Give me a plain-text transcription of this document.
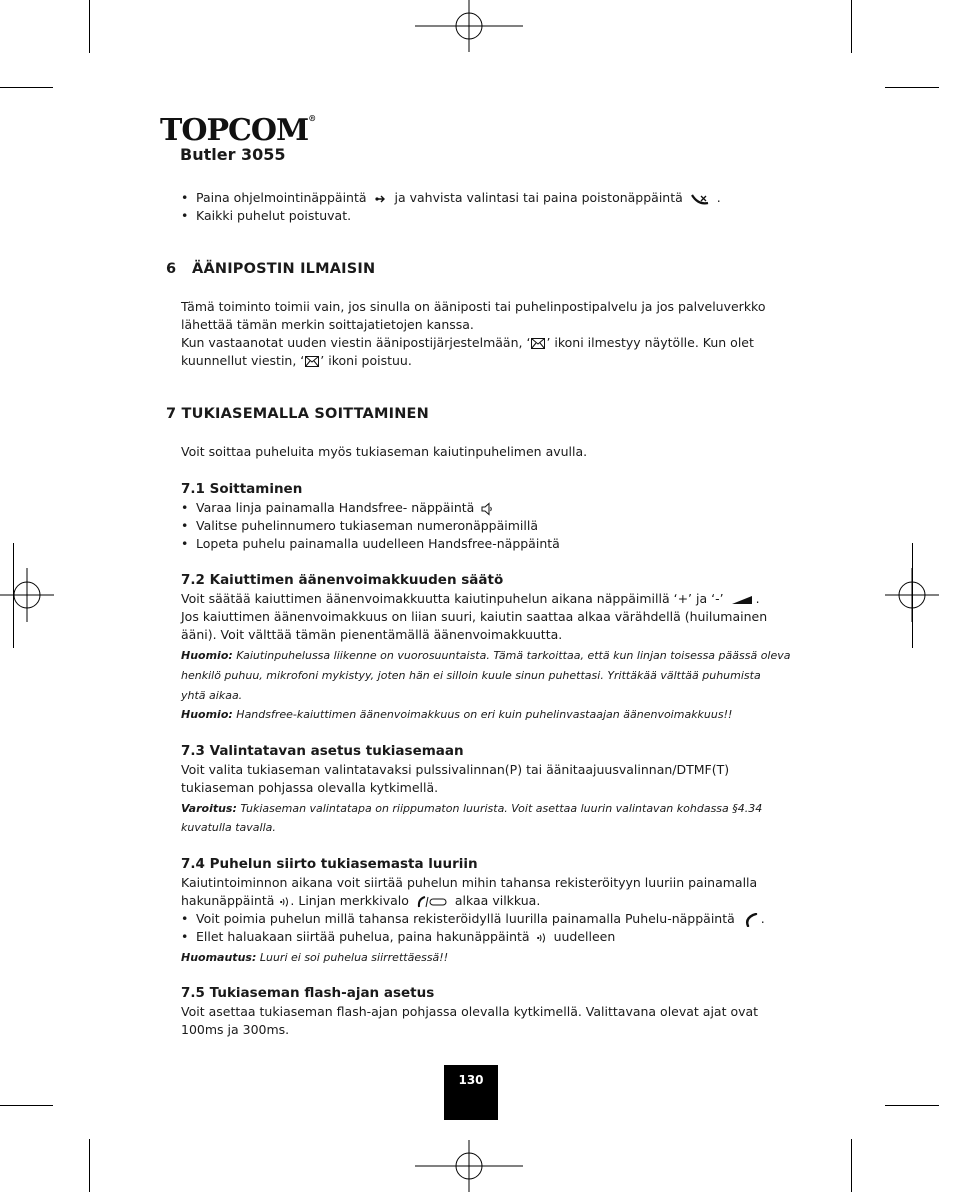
TOPCOM®
Butler 3055
• Paina ohjelmointinäppäintä ja vahvista valintasi tai paina poistonäppäintä	.
• Kaikki puhelut poistuvat.
6   ÄÄNIPOSTIN ILMAISIN
Tämä toiminto toimii vain, jos sinulla on ääniposti tai puhelinpostipalvelu ja jos palveluverkko
lähettää tämän merkin soittajatietojen kanssa.
Kun vastaanotat uuden viestin äänipostijärjestelmään, ‘ ’ ikoni ilmestyy näytölle. Kun olet
kuunnellut viestin, ‘ ’ ikoni poistuu.
7 TUKIASEMALLA SOITTAMINEN
Voit soittaa puheluita myös tukiaseman kaiutinpuhelimen avulla.
7.1 Soittaminen
• Varaa linja painamalla Handsfree- näppäintä
• Valitse puhelinnumero tukiaseman numeronäppäimillä
• Lopeta puhelu painamalla uudelleen Handsfree-näppäintä
7.2 Kaiuttimen äänenvoimakkuuden säätö
Voit säätää kaiuttimen äänenvoimakkuutta kaiutinpuhelun aikana näppäimillä ‘+’ ja ‘-’	.
Jos kaiuttimen äänenvoimakkuus on liian suuri, kaiutin saattaa alkaa värähdellä (huilumainen
ääni). Voit välttää tämän pienentämällä äänenvoimakkuutta.
Huomio: Kaiutinpuhelussa liikenne on vuorosuuntaista. Tämä tarkoittaa, että kun linjan toisessa päässä oleva
henkilö puhuu, mikrofoni mykistyy, joten hän ei silloin kuule sinun puhettasi. Yrittäkää välttää puhumista
yhtä aikaa.
Huomio: Handsfree-kaiuttimen äänenvoimakkuus on eri kuin puhelinvastaajan äänenvoimakkuus!!
7.3 Valintatavan asetus tukiasemaan
Voit valita tukiaseman valintatavaksi pulssivalinnan(P) tai äänitaajuusvalinnan/DTMF(T)
tukiaseman pohjassa olevalla kytkimellä.
Varoitus: Tukiaseman valintatapa on riippumaton luurista. Voit asettaa luurin valintavan kohdassa §4.34
kuvatulla tavalla.
7.4 Puhelun siirto tukiasemasta luuriin
Kaiutintoiminnon aikana voit siirtää puhelun mihin tahansa rekisteröityyn luuriin painamalla
hakunäppäintä . Linjan merkkivalo	alkaa vilkkua.
• Voit poimia puhelun millä tahansa rekisteröidyllä luurilla painamalla Puhelu-näppäintä .
• Ellet haluakaan siirtää puhelua, paina hakunäppäintä uudelleen
Huomautus: Luuri ei soi puhelua siirrettäessä!!
7.5 Tukiaseman flash-ajan asetus
Voit asettaa tukiaseman flash-ajan pohjassa olevalla kytkimellä. Valittavana olevat ajat ovat
100ms ja 300ms.
130
